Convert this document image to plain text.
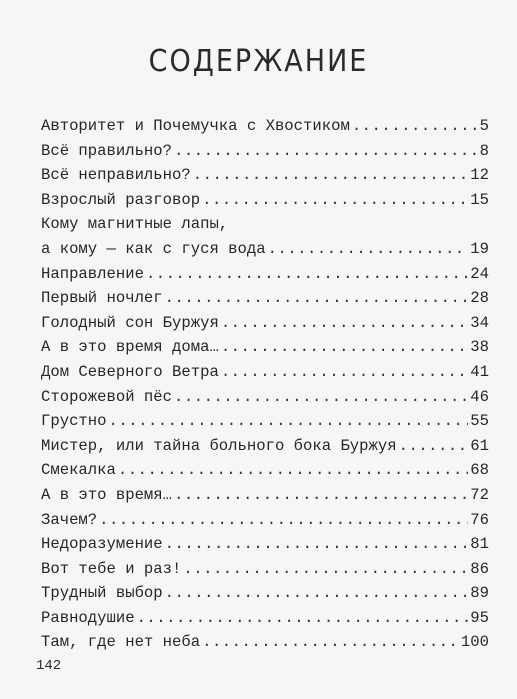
СОДЕРЖАНИЕ
Авторитет и Почемучка с Хвостиком .....	5
Всё правильно? .....	8
Всё неправильно? .....	12
Взрослый разговор .....	15
Кому магнитные лапы,
а кому — как с гуся вода .....	19
Направление .....	24
Первый ночлег .....	28
Голодный сон Буржуя .....	34
А в это время дома… .....	38
Дом Северного Ветра .....	41
Сторожевой пёс .....	46
Грустно .....	55
Мистер, или тайна больного бока Буржуя .....	61
Смекалка .....	68
А в это время… .....	72
Зачем? .....	76
Недоразумение .....	81
Вот тебе и раз! .....	86
Трудный выбор .....	89
Равнодушие .....	95
Там, где нет неба .....	100
142
